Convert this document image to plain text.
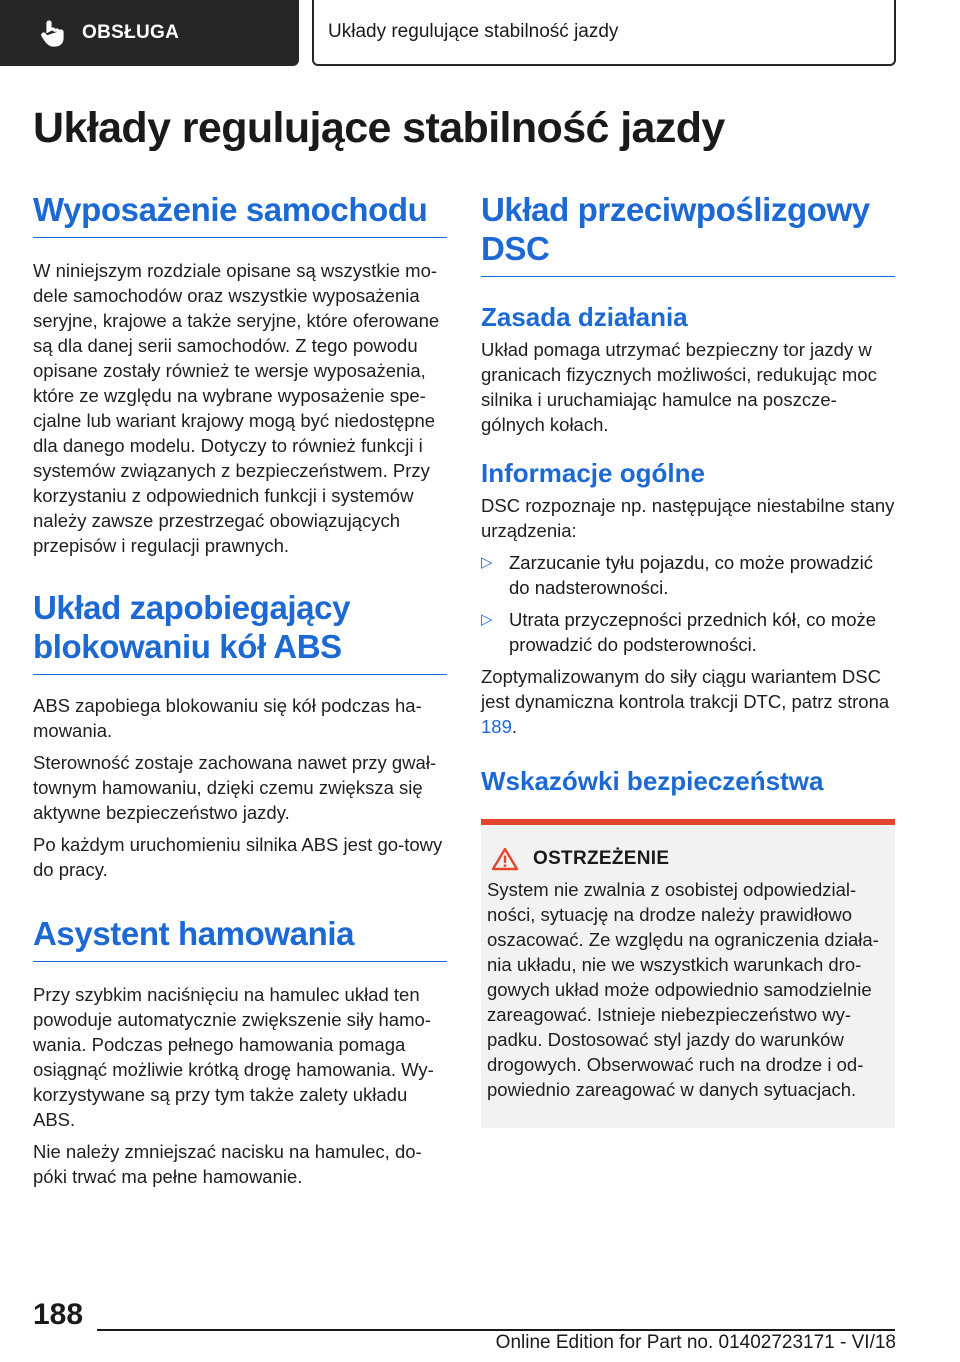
OBSŁUGA	Układy regulujące stabilność jazdy
Układy regulujące stabilność jazdy
Wyposażenie samochodu

W niniejszym rozdziale opisane są wszystkie mo-dele samochodów oraz wszystkie wyposażenia seryjne, krajowe a także seryjne, które oferowane są dla danej serii samochodów. Z tego powodu opisane zostały również te wersje wyposażenia, które ze względu na wybrane wyposażenie spe-cjalne lub wariant krajowy mogą być niedostępne dla danego modelu. Dotyczy to również funkcji i systemów związanych z bezpieczeństwem. Przy korzystaniu z odpowiednich funkcji i systemów należy zawsze przestrzegać obowiązujących przepisów i regulacji prawnych.

Układ zapobiegający blokowaniu kół ABS

ABS zapobiega blokowaniu się kół podczas ha-mowania.

Sterowność zostaje zachowana nawet przy gwał-townym hamowaniu, dzięki czemu zwiększa się aktywne bezpieczeństwo jazdy.

Po każdym uruchomieniu silnika ABS jest go-towy do pracy.

Asystent hamowania

Przy szybkim naciśnięciu na hamulec układ ten powoduje automatycznie zwiększenie siły hamo-wania. Podczas pełnego hamowania pomaga osiągnąć możliwie krótką drogę hamowania. Wy-korzystywane są przy tym także zalety układu ABS.

Nie należy zmniejszać nacisku na hamulec, do-póki trwać ma pełne hamowanie.

Układ przeciwpoślizgowy DSC
Zasada działania

Układ pomaga utrzymać bezpieczny tor jazdy w granicach fizycznych możliwości, redukując moc silnika i uruchamiając hamulce na poszcze-gólnych kołach.

Informacje ogólne

DSC rozpoznaje np. następujące niestabilne stany urządzenia:

▷ Zarzucanie tyłu pojazdu, co może prowadzić do nadsterowności.
▷ Utrata przyczepności przednich kół, co może prowadzić do podsterowności.

Zoptymalizowanym do siły ciągu wariantem DSC jest dynamiczna kontrola trakcji DTC, patrz strona 189.

Wskazówki bezpieczeństwa
OSTRZEŻENIE

System nie zwalnia z osobistej odpowiedzial-ności, sytuację na drodze należy prawidłowo oszacować. Ze względu na ograniczenia działa-nia układu, nie we wszystkich warunkach dro-gowych układ może odpowiednio samodzielnie zareagować. Istnieje niebezpieczeństwo wy-padku. Dostosować styl jazdy do warunków drogowych. Obserwować ruch na drodze i od-powiednio zareagować w danych sytuacjach.

188
Online Edition for Part no. 01402723171 - VI/18
